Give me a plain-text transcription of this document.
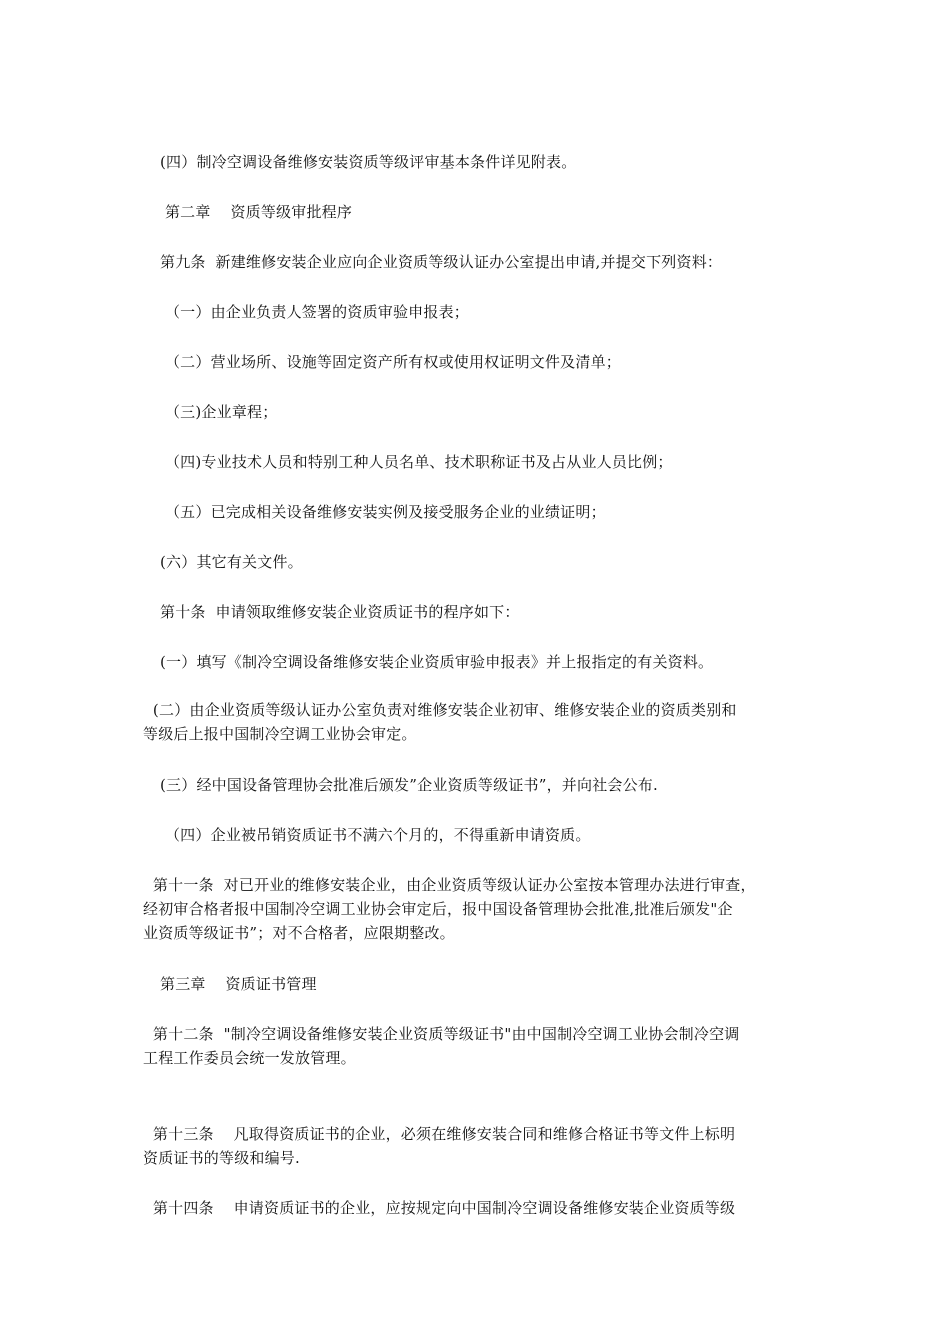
(四）制冷空调设备维修安装资质等级评审基本条件详见附表。
第二章    资质等级审批程序
第九条  新建维修安装企业应向企业资质等级认证办公室提出申请,并提交下列资料：
（一）由企业负责人签署的资质审验申报表；
（二）营业场所、设施等固定资产所有权或使用权证明文件及清单；
（三)企业章程；
（四)专业技术人员和特别工种人员名单、技术职称证书及占从业人员比例；
（五）已完成相关设备维修安装实例及接受服务企业的业绩证明；
(六）其它有关文件。
第十条  申请领取维修安装企业资质证书的程序如下：
(一）填写《制冷空调设备维修安装企业资质审验申报表》并上报指定的有关资料。
(二）由企业资质等级认证办公室负责对维修安装企业初审、维修安装企业的资质类别和
等级后上报中国制冷空调工业协会审定。
(三）经中国设备管理协会批准后颁发”企业资质等级证书”，并向社会公布.
（四）企业被吊销资质证书不满六个月的，不得重新申请资质。
第十一条  对已开业的维修安装企业，由企业资质等级认证办公室按本管理办法进行审查，
经初审合格者报中国制冷空调工业协会审定后，报中国设备管理协会批准,批准后颁发"企
业资质等级证书”；对不合格者，应限期整改。
第三章    资质证书管理
第十二条  "制冷空调设备维修安装企业资质等级证书"由中国制冷空调工业协会制冷空调
工程工作委员会统一发放管理。
第十三条    凡取得资质证书的企业，必须在维修安装合同和维修合格证书等文件上标明
资质证书的等级和编号.
第十四条    申请资质证书的企业，应按规定向中国制冷空调设备维修安装企业资质等级
